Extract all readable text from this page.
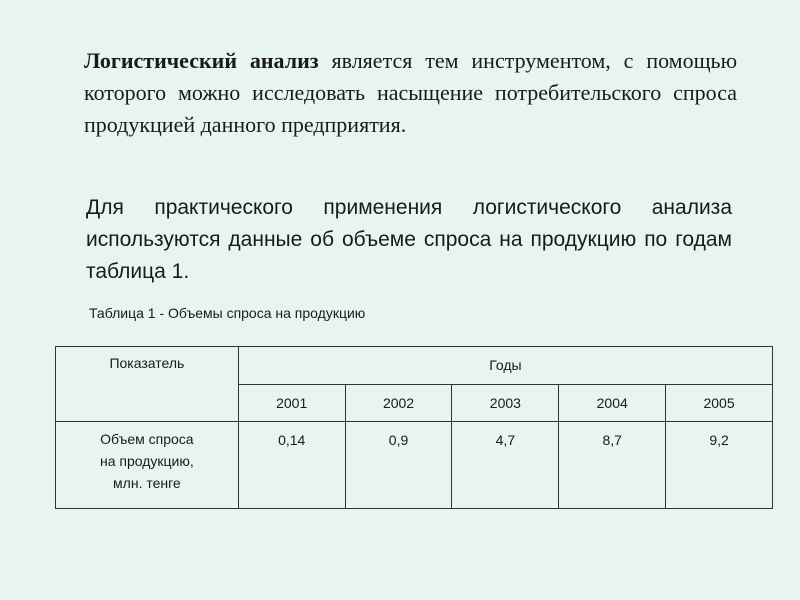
Логистический анализ является тем инструментом, с помощью которого можно исследовать насыщение потребительского спроса продукцией данного предприятия.
Для практического применения логистического анализа используются данные об объеме спроса на продукцию по годам таблица 1.
Таблица 1 - Объемы спроса на продукцию
Показатель	Годы				
	2001	2002	2003	2004	2005

Объем спроса
на продукцию,
млн. тенге	0,14	0,9	4,7	8,7	9,2
